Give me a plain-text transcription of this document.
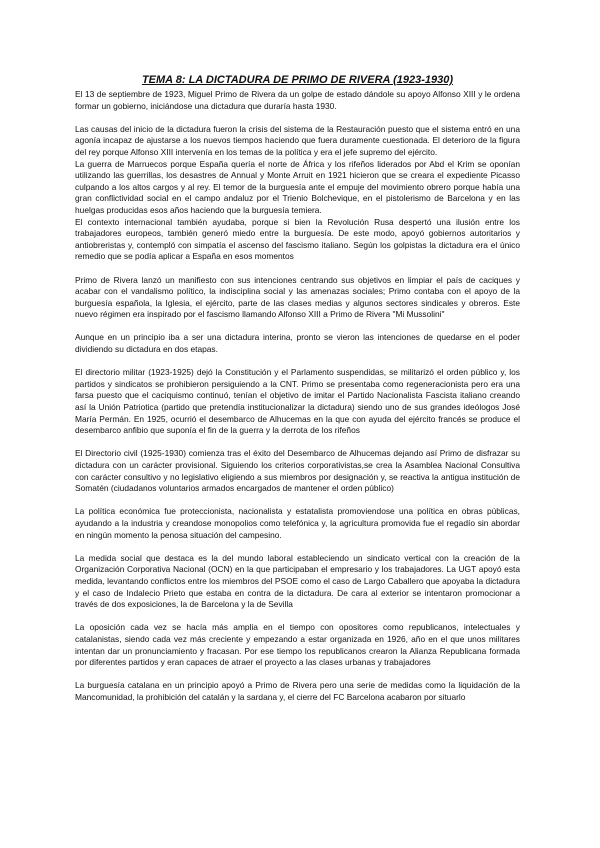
TEMA 8: LA DICTADURA DE PRIMO DE RIVERA (1923-1930)

El 13 de septiembre de 1923, Miguel Primo de Rivera da un golpe de estado dándole su apoyo Alfonso XIII y le ordena formar un gobierno, iniciándose una dictadura que duraría hasta 1930.

Las causas del inicio de la dictadura fueron la crisis del sistema de la Restauración puesto que el sistema entró en una agonía incapaz de ajustarse a los nuevos tiempos haciendo que fuera duramente cuestionada. El deterioro de la figura del rey porque Alfonso XIII intervenía en los temas de la política y era el jefe supremo del ejército.

La guerra de Marruecos porque España quería el norte de África y los rifeños liderados por Abd el Krim se oponían utilizando las guerrillas, los desastres de Annual y Monte Arruit en 1921 hicieron que se creara el expediente Picasso culpando a los altos cargos y al rey. El temor de la burguesía ante el empuje del movimiento obrero porque había una gran conflictividad social en el campo andaluz por el Trienio Bolchevique, en el pistolerismo de Barcelona y en las huelgas producidas esos años haciendo que la burguesía temiera.

El contexto internacional también ayudaba, porque si bien la Revolución Rusa despertó una ilusión entre los trabajadores europeos, también generó miedo entre la burguesía. De este modo, apoyó gobiernos autoritarios y antiobreristas y, contempló con simpatía el ascenso del fascismo italiano. Según los golpistas la dictadura era el único remedio que se podía aplicar a España en esos momentos

Primo de Rivera lanzó un manifiesto con sus intenciones centrando sus objetivos en limpiar el país de caciques y acabar con el vandalismo político, la indisciplina social y las amenazas sociales; Primo contaba con el apoyo de la burguesía española, la Iglesia, el ejército, parte de las clases medias y algunos sectores sindicales y obreros. Este nuevo régimen era inspirado por el fascismo llamando Alfonso XIII a Primo de Rivera "Mi Mussolini"

Aunque en un principio iba a ser una dictadura interina, pronto se vieron las intenciones de quedarse en el poder dividiendo su dictadura en dos etapas.

El directorio militar (1923-1925) dejó la Constitución y el Parlamento suspendidas, se militarizó el orden público y, los partidos y sindicatos se prohibieron persiguiendo a la CNT. Primo se presentaba como regeneracionista pero era una farsa puesto que el caciquismo continuó, tenían el objetivo de imitar el Partido Nacionalista Fascista italiano creando así la Unión Patriotica (partido que pretendía institucionalizar la dictadura) siendo uno de sus grandes ideólogos José María Permán. En 1925, ocurrió el desembarco de Alhucemas en la que con ayuda del ejército francés se produce el desembarco anfibio que suponía el fin de la guerra y la derrota de los rifeños

El Directorio civil (1925-1930) comienza tras el éxito del Desembarco de Alhucemas dejando así Primo de disfrazar su dictadura con un carácter provisional. Siguiendo los criterios corporativistas,se crea la Asamblea Nacional Consultiva con carácter consultivo y no legislativo eligiendo a sus miembros por designación y, se reactiva la antigua institución de Somatén (ciudadanos voluntarios armados encargados de mantener el orden público)

La política económica fue proteccionista, nacionalista y estatalista promoviendose una política en obras públicas, ayudando a la industria y creandose monopolios como telefónica y, la agricultura promovida fue el regadío sin abordar en ningún momento la penosa situación del campesino.

La medida social que destaca es la del mundo laboral estableciendo un sindicato vertical con la creación de la Organización Corporativa Nacional (OCN) en la que participaban el empresario y los trabajadores. La UGT apoyó esta medida, levantando conflictos entre los miembros del PSOE como el caso de Largo Caballero que apoyaba la dictadura y el caso de Indalecio Prieto que estaba en contra de la dictadura. De cara al exterior se intentaron promocionar a través de dos exposiciones, la de Barcelona y la de Sevilla

La oposición cada vez se hacía más amplia en el tiempo con opositores como republicanos, intelectuales y catalanistas, siendo cada vez más creciente y empezando a estar organizada en 1926, año en el que unos militares intentan dar un pronunciamiento y fracasan. Por ese tiempo los republicanos crearon la Alianza Republicana formada por diferentes partidos y eran capaces de atraer el proyecto a las clases urbanas y trabajadores

La burguesía catalana en un principio apoyó a Primo de Rivera pero una serie de medidas como la liquidación de la Mancomunidad, la prohibición del catalán y la sardana y, el cierre del FC Barcelona acabaron por situarlo
